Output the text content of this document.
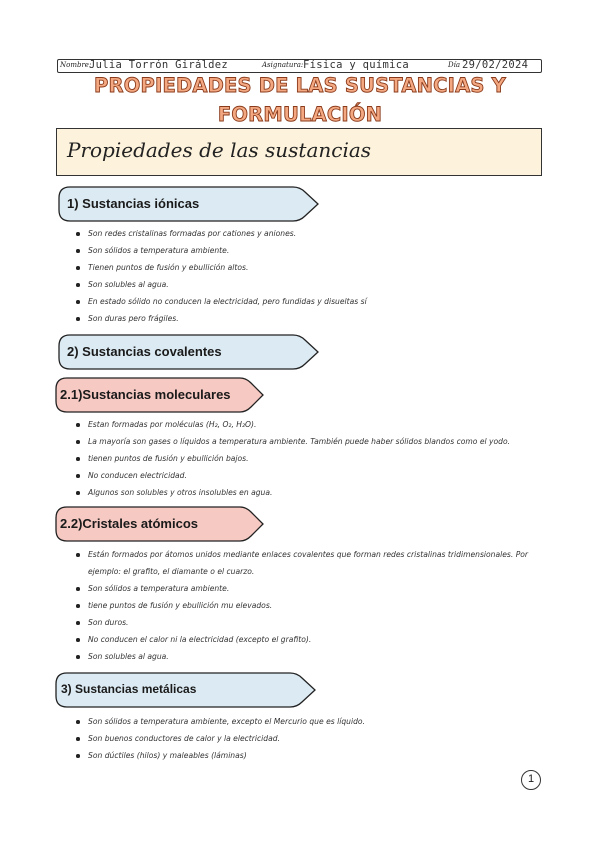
Nombre:
Julia Torrón Giráldez	Asignatura: Física y química	Día 29/02/2024
PROPIEDADES DE LAS SUSTANCIAS Y
FORMULACIÓN
Propiedades de las sustancias
1) Sustancias iónicas
Son redes cristalinas formadas por cationes y aniones.
Son sólidos a temperatura ambiente.
Tienen puntos de fusión y ebullición altos.
Son solubles al agua.
En estado sólido no conducen la electricidad, pero fundidas y disueltas sí
Son duras pero frágiles.
2) Sustancias covalentes
2.1)Sustancias moleculares
Estan formadas por moléculas (H₂, O₂, H₂O).
La mayoría son gases o líquidos a temperatura ambiente. También puede haber sólidos blandos como el yodo.
tienen puntos de fusión y ebullición bajos.
No conducen electricidad.
Algunos son solubles y otros insolubles en agua.
2.2)Cristales atómicos
Están formados por átomos unidos mediante enlaces covalentes que forman redes cristalinas tridimensionales. Por ejemplo: el grafito, el diamante o el cuarzo.
Son sólidos a temperatura ambiente.
tiene puntos de fusión y ebullición mu elevados.
Son duros.
No conducen el calor ni la electricidad (excepto el grafito).
Son solubles al agua.
3) Sustancias metálicas
Son sólidos a temperatura ambiente, excepto el Mercurio que es líquido.
Son buenos conductores de calor y la electricidad.
Son dúctiles (hilos) y maleables (láminas)
1
